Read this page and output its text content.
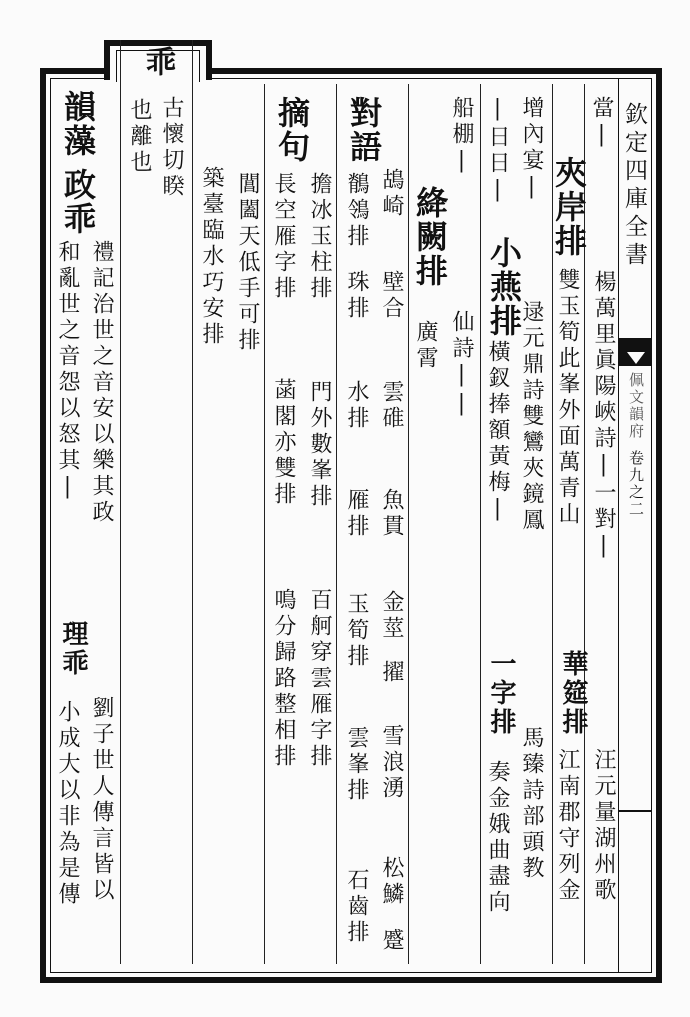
乖
欽定四庫全書
佩文韻府
卷九之二
當|
夾岸排
楊萬里眞陽峽詩|一對|
華筵排
汪元量湖州歌
雙玉筍此峯外面萬青山
江南郡守列金
增內宴|
小燕排
逯元鼎詩雙鸞夾鏡鳳
一字排
馬臻詩部頭教
|日日|
橫釵捧額黃梅|
奏金娥曲盡向
船棚|
絳闕排
仙詩||
廣霄
對語
鶺鴒排 鴣崎
壁合
珠排
雲碓
水排
魚貫
雁排
金莖
擢
玉筍排
雪浪湧
雲峯排
松鱗
蹙
石齒排
摘句
擔冰玉柱排
門外數峯排
百舸穿雲雁字排
長空雁字排
菡閣亦雙排
鳴分歸路整相排
閶闔天低手可排
築臺臨水巧安排
古懷切睽
也離也
韻藻
政乖
禮記治世之音安以樂其政
和亂世之音怨以怒其|
理乖
劉子世人傳言皆以
小成大以非為是傳
